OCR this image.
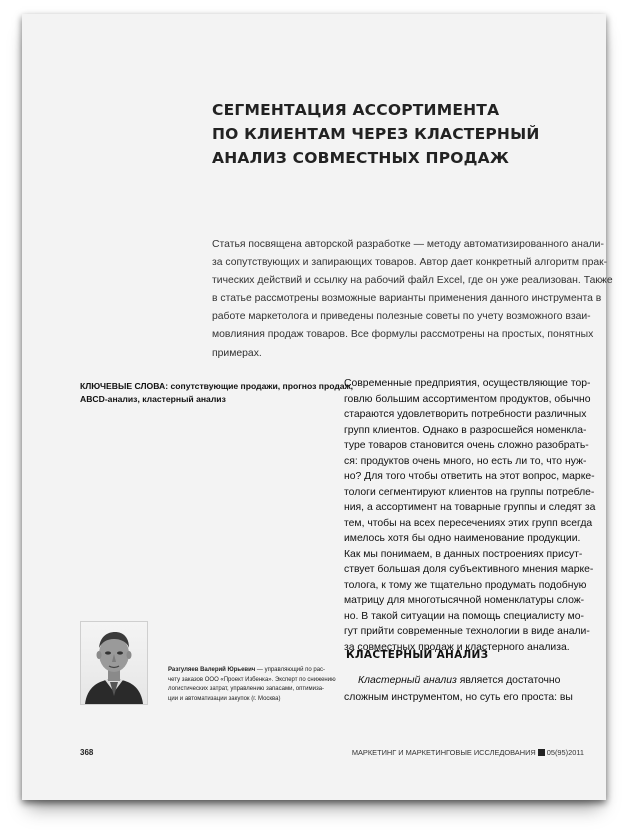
СЕГМЕНТАЦИЯ АССОРТИМЕНТА
ПО КЛИЕНТАМ ЧЕРЕЗ КЛАСТЕРНЫЙ
АНАЛИЗ СОВМЕСТНЫХ ПРОДАЖ
Статья посвящена авторской разработке — методу автоматизированного анали-
за сопутствующих и запирающих товаров. Автор дает конкретный алгоритм прак-
тических действий и ссылку на рабочий файл Excel, где он уже реализован. Также
в статье рассмотрены возможные варианты применения данного инструмента в
работе маркетолога и приведены полезные советы по учету возможного взаи-
мовлияния продаж товаров. Все формулы рассмотрены на простых, понятных
примерах.
КЛЮЧЕВЫЕ СЛОВА: сопутствующие продажи, прогноз продаж,
ABCD-анализ, кластерный анализ
Современные предприятия, осуществляющие тор-
говлю большим ассортиментом продуктов, обычно
стараются удовлетворить потребности различных
групп клиентов. Однако в разросшейся номенкла-
туре товаров становится очень сложно разобрать-
ся: продуктов очень много, но есть ли то, что нуж-
но? Для того чтобы ответить на этот вопрос, марке-
тологи сегментируют клиентов на группы потребле-
ния, а ассортимент на товарные группы и следят за
тем, чтобы на всех пересечениях этих групп всегда
имелось хотя бы одно наименование продукции.
Как мы понимаем, в данных построениях присут-
ствует большая доля субъективного мнения марке-
толога, к тому же тщательно продумать подобную
матрицу для многотысячной номенклатуры слож-
но. В такой ситуации на помощь специалисту мо-
гут прийти современные технологии в виде анали-
за совместных продаж и кластерного анализа.
КЛАСТЕРНЫЙ АНАЛИЗ
Кластерный анализ является достаточно
сложным инструментом, но суть его проста: вы
Разгуляев Валерий Юрьевич — управляющий по рас-
чету заказов ООО «Проект Избенка». Эксперт по снижению
логистических затрат, управлению запасами, оптимиза-
ции и автоматизации закупок (г. Москва)
368	МАРКЕТИНГ И МАРКЕТИНГОВЫЕ ИССЛЕДОВАНИЯ 05(95)2011
